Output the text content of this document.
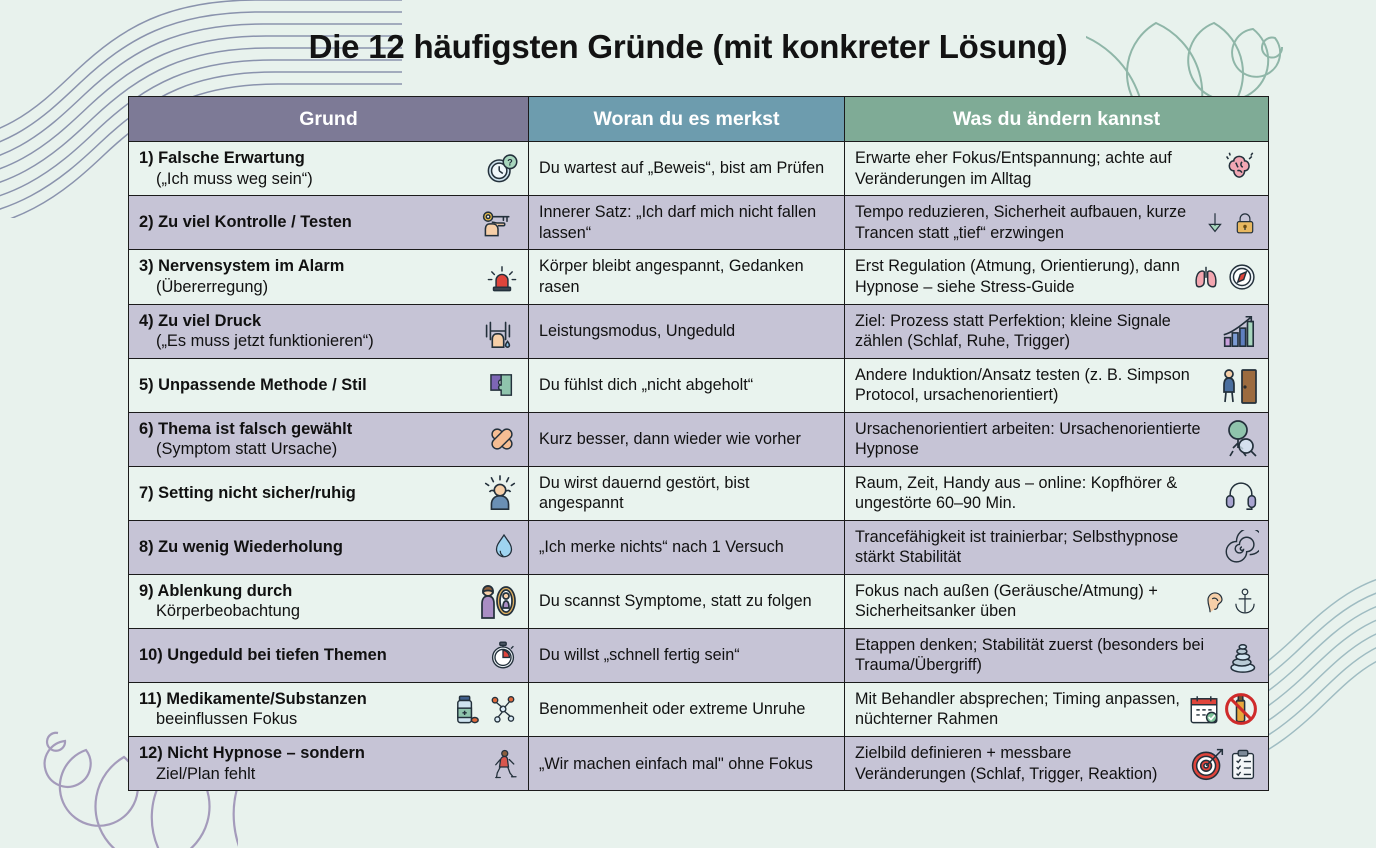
Die 12 häufigsten Gründe (mit konkreter Lösung)
Grund	Woran du es merkst	Was du ändern kannst

1) Falsche Erwartung
(„Ich muss weg sein“)
?	Du wartest auf „Beweis“, bist am Prüfen	Erwarte eher Fokus/Entspannung; achte auf Veränderungen im Alltag

2) Zu viel Kontrolle / Testen	Innerer Satz: „Ich darf mich nicht fallen lassen“	Tempo reduzieren, Sicherheit aufbauen, kurze Trancen statt „tief“ erzwingen

3) Nervensystem im Alarm
(Übererregung)	Körper bleibt angespannt, Gedanken rasen	Erst Regulation (Atmung, Orientierung), dann Hypnose – siehe Stress-Guide

4) Zu viel Druck
(„Es muss jetzt funktionieren“)	Leistungsmodus, Ungeduld	Ziel: Prozess statt Perfektion; kleine Signale zählen (Schlaf, Ruhe, Trigger)

5) Unpassende Methode / Stil	Du fühlst dich „nicht abgeholt“	Andere Induktion/Ansatz testen (z. B. Simpson Protocol, ursachenorientiert)

6) Thema ist falsch gewählt
(Symptom statt Ursache)	Kurz besser, dann wieder wie vorher	Ursachenorientiert arbeiten: Ursachenorientierte Hypnose

7) Setting nicht sicher/ruhig	Du wirst dauernd gestört, bist angespannt	Raum, Zeit, Handy aus – online: Kopfhörer & ungestörte 60–90 Min.

8) Zu wenig Wiederholung	„Ich merke nichts“ nach 1 Versuch	Trancefähigkeit ist trainierbar; Selbsthypnose stärkt Stabilität

9) Ablenkung durch
Körperbeobachtung	Du scannst Symptome, statt zu folgen	Fokus nach außen (Geräusche/Atmung) + Sicherheitsanker üben

10) Ungeduld bei tiefen Themen	Du willst „schnell fertig sein“	Etappen denken; Stabilität zuerst (besonders bei Trauma/Übergriff)

11) Medikamente/Substanzen
beeinflussen Fokus	Benommenheit oder extreme Unruhe	Mit Behandler absprechen; Timing anpassen, nüchterner Rahmen

12) Nicht Hypnose – sondern
Ziel/Plan fehlt	„Wir machen einfach mal" ohne Fokus	Zielbild definieren + messbare Veränderungen (Schlaf, Trigger, Reaktion)
